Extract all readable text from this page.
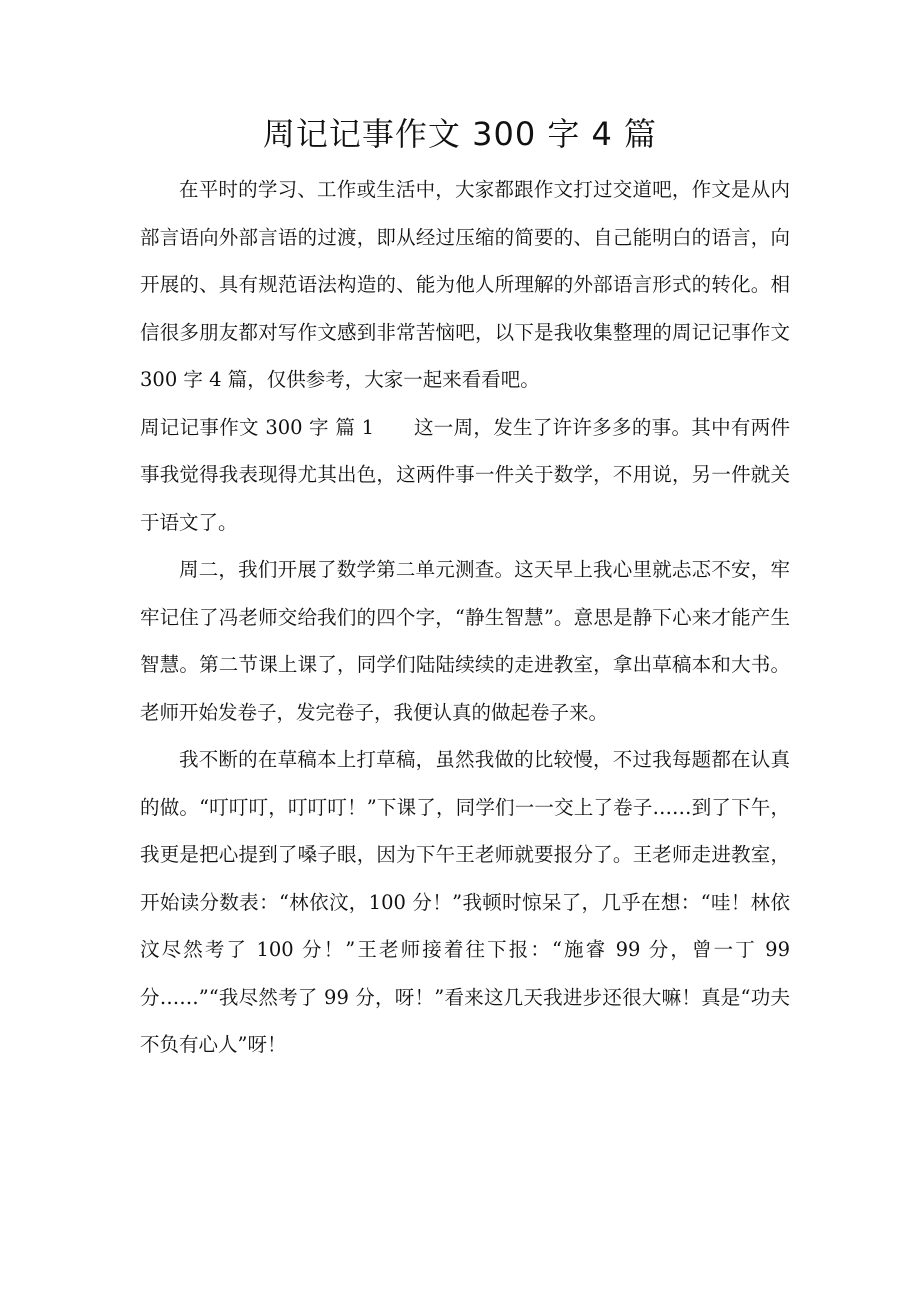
周记记事作文 300 字 4 篇

在平时的学习、工作或生活中，大家都跟作文打过交道吧，作文是从内部言语向外部言语的过渡，即从经过压缩的简要的、自己能明白的语言，向开展的、具有规范语法构造的、能为他人所理解的外部语言形式的转化。相信很多朋友都对写作文感到非常苦恼吧，以下是我收集整理的周记记事作文 300 字 4 篇，仅供参考，大家一起来看看吧。

周记记事作文 300 字 篇 1　　这一周，发生了许许多多的事。其中有两件事我觉得我表现得尤其出色，这两件事一件关于数学，不用说，另一件就关于语文了。

周二，我们开展了数学第二单元测查。这天早上我心里就忐忑不安，牢牢记住了冯老师交给我们的四个字，“静生智慧”。意思是静下心来才能产生智慧。第二节课上课了，同学们陆陆续续的走进教室，拿出草稿本和大书。老师开始发卷子，发完卷子，我便认真的做起卷子来。

我不断的在草稿本上打草稿，虽然我做的比较慢，不过我每题都在认真的做。“叮叮叮，叮叮叮！”下课了，同学们一一交上了卷子……到了下午，我更是把心提到了嗓子眼，因为下午王老师就要报分了。王老师走进教室，开始读分数表：“林依汶，100 分！”我顿时惊呆了，几乎在想：“哇！林依汶尽然考了 100 分！”王老师接着往下报：“施睿 99 分，曾一丁 99 分……”“我尽然考了 99 分，呀！”看来这几天我进步还很大嘛！真是“功夫不负有心人”呀！
